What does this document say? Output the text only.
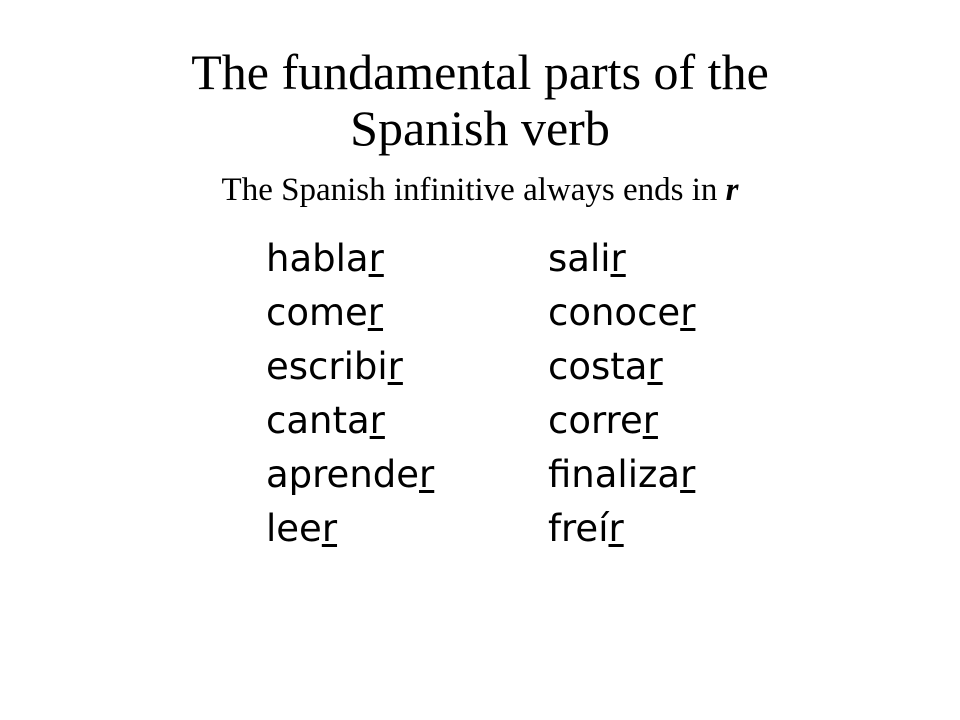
The fundamental parts of the
Spanish verb
The Spanish infinitive always ends in r
hablar
comer
escribir
cantar
aprender
leer
salir
conocer
costar
correr
finalizar
freír
